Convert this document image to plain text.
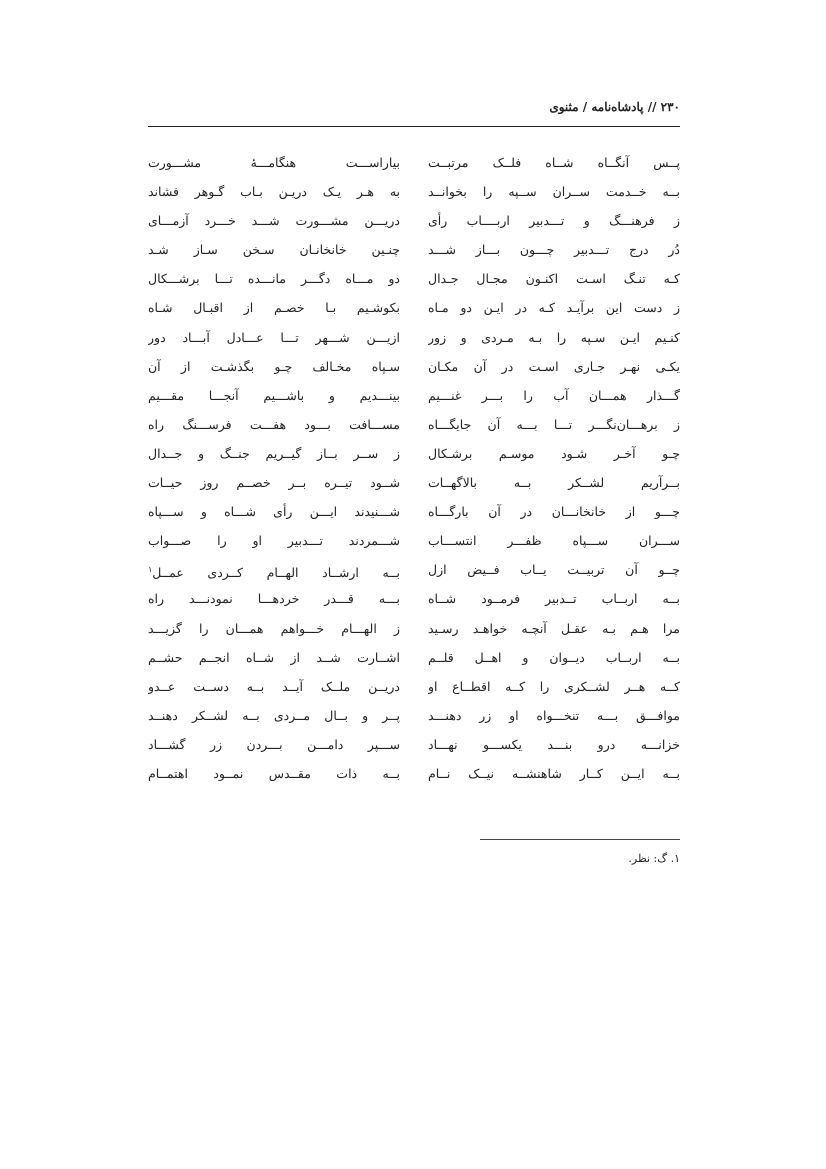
۲۳۰ // پادشاه‌نامه / مثنوی
پــس آنگــاه شــاه فلــک مرتبــت
بــه خــدمت ســران ســپه را بخوانــد
ز فرهنـــگ و تـــدبیر اربــــاب رأی
دُر درج تـــدبیر چـــون بـــاز شـــد
کـه تنـگ اسـت اکنـون مجـال جـدال
ز دست این برآیـد کـه در ایـن دو مـاه
کنـیم ایـن سـپه را بـه مـردی و زور
یکـی نهـر جـاری اسـت در آن مکـان
گـــذار همـــان آب را بـــر غنـــیم
ز برهـــان‌نگـــر تـــا بـــه آن جایگـــاه
چـو آخـر شـود موسـم برشـکال
بــرآریم لشــکر بــه بالاگهــات
چـــو از خانخانـــان در آن بارگـــاه
ســـران ســـپاه ظفـــر انتســـاب
چــو آن تربیــت یــاب فــیض ازل
بــه اربــاب تــدبیر فرمــود شــاه
مرا هـم بـه عقـل آنچـه خواهـد رسـید
بــه اربــاب دیــوان و اهــل قلــم
کــه هــر لشــکری را کــه اقطــاع او
موافـــق بـــه تنخـــواه او زر دهنـــد
خزانـــه درو بنـــد یکســـو نهـــاد
بــه ایــن کــار شاهنشــه نیــک نــام
بیاراســـت هنگامـــهٔ مشـــورت
به هـر یـک دریـن بـاب گـوهر فشاند
دریـــن مشـــورت شـــد خـــرد آزمـــای
چنـین خانخانـان سـخن سـاز شـد
دو مـــاه دگـــر مانـــده تـــا برشـــکال
بکوشـیم بـا خصـم از اقبـال شـاه
ازیـــن شـــهر تـــا عـــادل آبـــاد دور
سـپاه مخـالف چـو بگذشـت از آن
بینـــدیم و باشـــیم آنجـــا مقـــیم
مســـافت بـــود هفـــت فرســـنگ راه
ز ســر بــاز گیــریم جنــگ و جــدال
شــود تیــره بــر خصــم روز حیــات
شـــنیدند ایـــن رأی شـــاه و ســـپاه
شـــمردند تـــدبیر او را صـــواب
بــه ارشــاد الهــام کــردی عمــل$^۱$
بـــه قـــدر خردهـــا نمودنـــد راه
ز الهـــام خـــواهم همـــان را گزیـــد
اشــارت شــد از شــاه انجــم حشــم
دریــن ملــک آیــد بــه دســت عــدو
پــر و بــال مــردی بــه لشــکر دهنــد
ســـپر دامـــن بـــردن زر گشـــاد
بــه ذات مقــدس نمــود اهتمــام
۱. گ: نظر.
